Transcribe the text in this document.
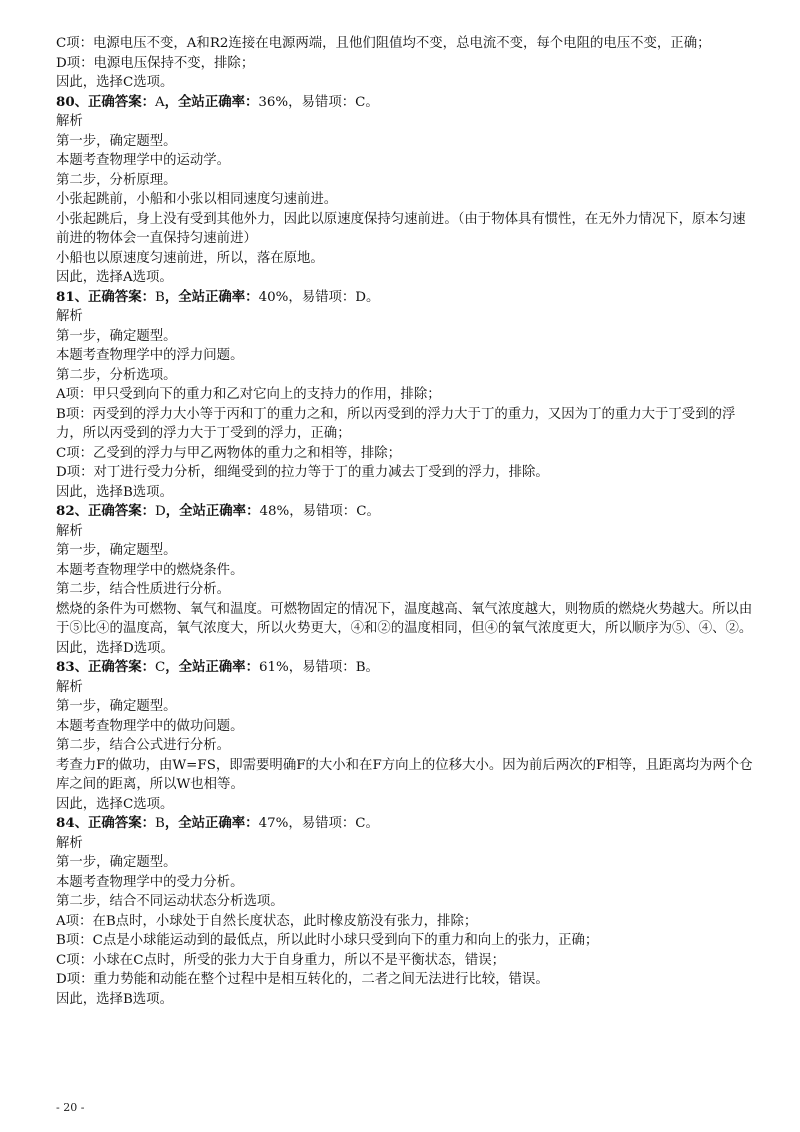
C项：电源电压不变，A和R2连接在电源两端，且他们阻值均不变，总电流不变，每个电阻的电压不变，正确；
D项：电源电压保持不变，排除；
因此，选择C选项。
80、正确答案：A，全站正确率：36%，易错项：C。
解析
第一步，确定题型。
本题考查物理学中的运动学。
第二步，分析原理。
小张起跳前，小船和小张以相同速度匀速前进。
小张起跳后，身上没有受到其他外力，因此以原速度保持匀速前进。（由于物体具有惯性，在无外力情况下，原本匀速前进的物体会一直保持匀速前进）
小船也以原速度匀速前进，所以，落在原地。
因此，选择A选项。
81、正确答案：B，全站正确率：40%，易错项：D。
解析
第一步，确定题型。
本题考查物理学中的浮力问题。
第二步，分析选项。
A项：甲只受到向下的重力和乙对它向上的支持力的作用，排除；
B项：丙受到的浮力大小等于丙和丁的重力之和，所以丙受到的浮力大于丁的重力，又因为丁的重力大于丁受到的浮力，所以丙受到的浮力大于丁受到的浮力，正确；
C项：乙受到的浮力与甲乙两物体的重力之和相等，排除；
D项：对丁进行受力分析，细绳受到的拉力等于丁的重力减去丁受到的浮力，排除。
因此，选择B选项。
82、正确答案：D，全站正确率：48%，易错项：C。
解析
第一步，确定题型。
本题考查物理学中的燃烧条件。
第二步，结合性质进行分析。
燃烧的条件为可燃物、氧气和温度。可燃物固定的情况下，温度越高、氧气浓度越大，则物质的燃烧火势越大。所以由于⑤比④的温度高，氧气浓度大，所以火势更大，④和②的温度相同，但④的氧气浓度更大，所以顺序为⑤、④、②。
因此，选择D选项。
83、正确答案：C，全站正确率：61%，易错项：B。
解析
第一步，确定题型。
本题考查物理学中的做功问题。
第二步，结合公式进行分析。
考查力F的做功，由W=FS，即需要明确F的大小和在F方向上的位移大小。因为前后两次的F相等，且距离均为两个仓库之间的距离，所以W也相等。
因此，选择C选项。
84、正确答案：B，全站正确率：47%，易错项：C。
解析
第一步，确定题型。
本题考查物理学中的受力分析。
第二步，结合不同运动状态分析选项。
A项：在B点时，小球处于自然长度状态，此时橡皮筋没有张力，排除；
B项：C点是小球能运动到的最低点，所以此时小球只受到向下的重力和向上的张力，正确；
C项：小球在C点时，所受的张力大于自身重力，所以不是平衡状态，错误；
D项：重力势能和动能在整个过程中是相互转化的，二者之间无法进行比较，错误。
因此，选择B选项。
- 20 -
